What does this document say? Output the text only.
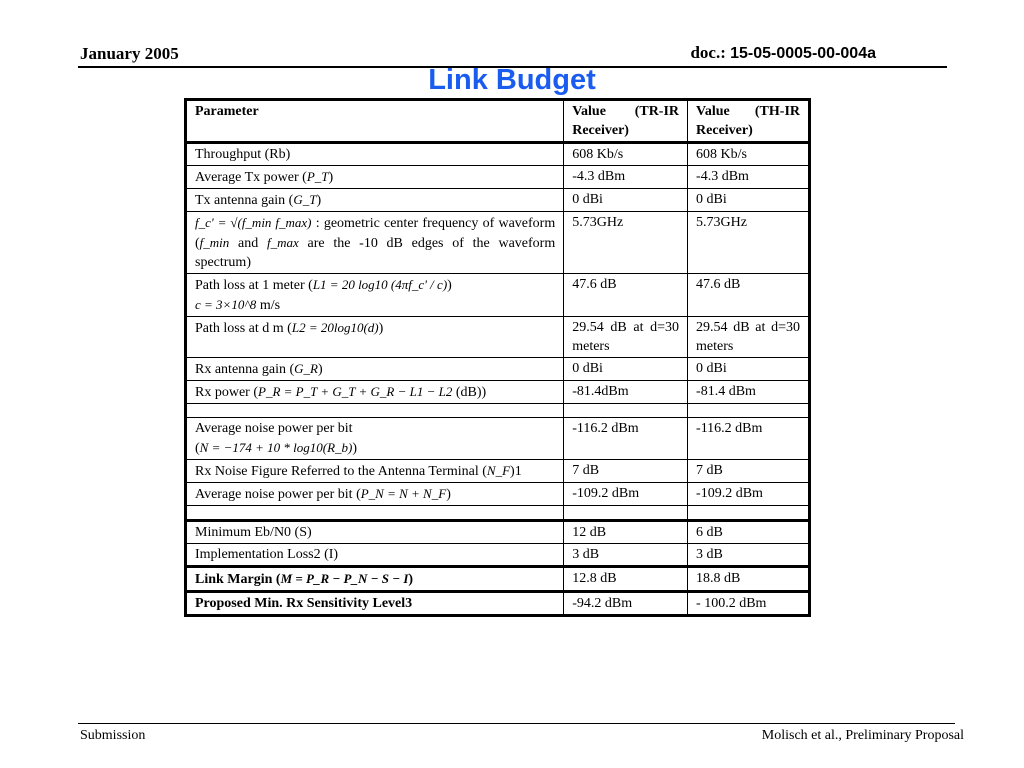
January 2005	doc.: 15-05-0005-00-004a
Link Budget
Parameter	Value (TR-IR Receiver)	Value (TH-IR Receiver)
Throughput (Rb)	608 Kb/s	608 Kb/s
Average Tx power (P_T)	-4.3 dBm	-4.3 dBm
Tx antenna gain (G_T)	0 dBi	0 dBi
f_c' = √(f_min f_max) : geometric center frequency of waveform (f_min and f_max are the -10 dB edges of the waveform spectrum)	5.73GHz	5.73GHz
Path loss at 1 meter (L1 = 20 log10 (4πf_c' / c))
c = 3×10^8 m/s	47.6 dB	47.6 dB
Path loss at d m (L2 = 20log10(d))	29.54 dB at d=30 meters	29.54 dB at d=30 meters
Rx antenna gain (G_R)	0 dBi	0 dBi
Rx power (P_R = P_T + G_T + G_R − L1 − L2 (dB))	-81.4dBm	-81.4 dBm

Average noise power per bit
(N = −174 + 10 * log10(R_b))	-116.2 dBm	-116.2 dBm
Rx Noise Figure Referred to the Antenna Terminal (N_F)1	7 dB	7 dB
Average noise power per bit (P_N = N + N_F)	-109.2 dBm	-109.2 dBm

Minimum Eb/N0 (S)	12 dB	6 dB
Implementation Loss2 (I)	3 dB	3 dB
Link Margin (M = P_R − P_N − S − I)	12.8 dB	18.8 dB
Proposed Min. Rx Sensitivity Level3	-94.2 dBm	- 100.2 dBm
Submission	Molisch et al., Preliminary Proposal
